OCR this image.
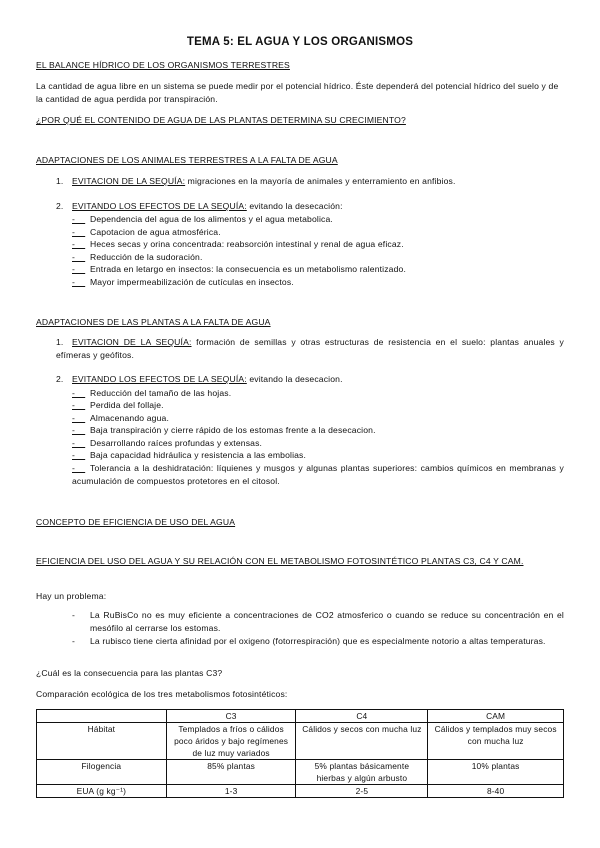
TEMA 5: EL AGUA Y LOS ORGANISMOS
EL BALANCE HÍDRICO DE LOS ORGANISMOS TERRESTRES
La cantidad de agua libre en un sistema se puede medir por el potencial hídrico. Éste dependerá del potencial hídrico del suelo y de la cantidad de agua perdida por transpiración.
¿POR QUÉ EL CONTENIDO DE AGUA DE LAS PLANTAS DETERMINA SU CRECIMIENTO?
ADAPTACIONES DE LOS ANIMALES TERRESTRES A LA FALTA DE AGUA
1. EVITACION DE LA SEQUÍA: migraciones en la mayoría de animales y enterramiento en anfibios.
2. EVITANDO LOS EFECTOS DE LA SEQUÍA: evitando la desecación:
-    Dependencia del agua de los alimentos y el agua metabolica.
-    Capotacion de agua atmosférica.
-    Heces secas y orina concentrada: reabsorción intestinal y renal de agua eficaz.
-    Reducción de la sudoración.
-    Entrada en letargo en insectos: la consecuencia es un metabolismo ralentizado.
-    Mayor impermeabilización de cutículas en insectos.
ADAPTACIONES DE LAS PLANTAS A LA FALTA DE AGUA
1. EVITACION DE LA SEQUÍA: formación de semillas y otras estructuras de resistencia en el suelo: plantas anuales y efímeras y geófitos.
2. EVITANDO LOS EFECTOS DE LA SEQUÍA: evitando la desecacion.
-    Reducción del tamaño de las hojas.
-    Perdida del follaje.
-    Almacenando agua.
-    Baja transpiración y cierre rápido de los estomas frente a la desecacion.
-    Desarrollando raíces profundas y extensas.
-    Baja capacidad hidráulica y resistencia a las embolias.
-    Tolerancia a la deshidratación: líquienes y musgos y algunas plantas superiores: cambios químicos en membranas y acumulación de compuestos protetores en el citosol.
CONCEPTO DE EFICIENCIA DE USO DEL AGUA
EFICIENCIA DEL USO DEL AGUA Y SU RELACIÓN CON EL METABOLISMO FOTOSINTÉTICO PLANTAS C3, C4 Y CAM.
Hay un problema:
- La RuBisCo no es muy eficiente a concentraciones de CO2 atmosferico o cuando se reduce su concentración en el mesófilo al cerrarse los estomas.
- La rubisco tiene cierta afinidad por el oxigeno (fotorrespiración) que es especialmente notorio a altas temperaturas.
¿Cuál es la consecuencia para las plantas C3?
Comparación ecológica de los tres metabolismos fotosintéticos:
	C3	C4	CAM
Hábitat	Templados a fríos o cálidos poco áridos y bajo regímenes de luz muy variados	Cálidos y secos con mucha luz	Cálidos y templados muy secos con mucha luz
Filogencia	85% plantas	5% plantas básicamente hierbas y algún arbusto	10% plantas
EUA (g kg⁻¹)	1-3	2-5	8-40
